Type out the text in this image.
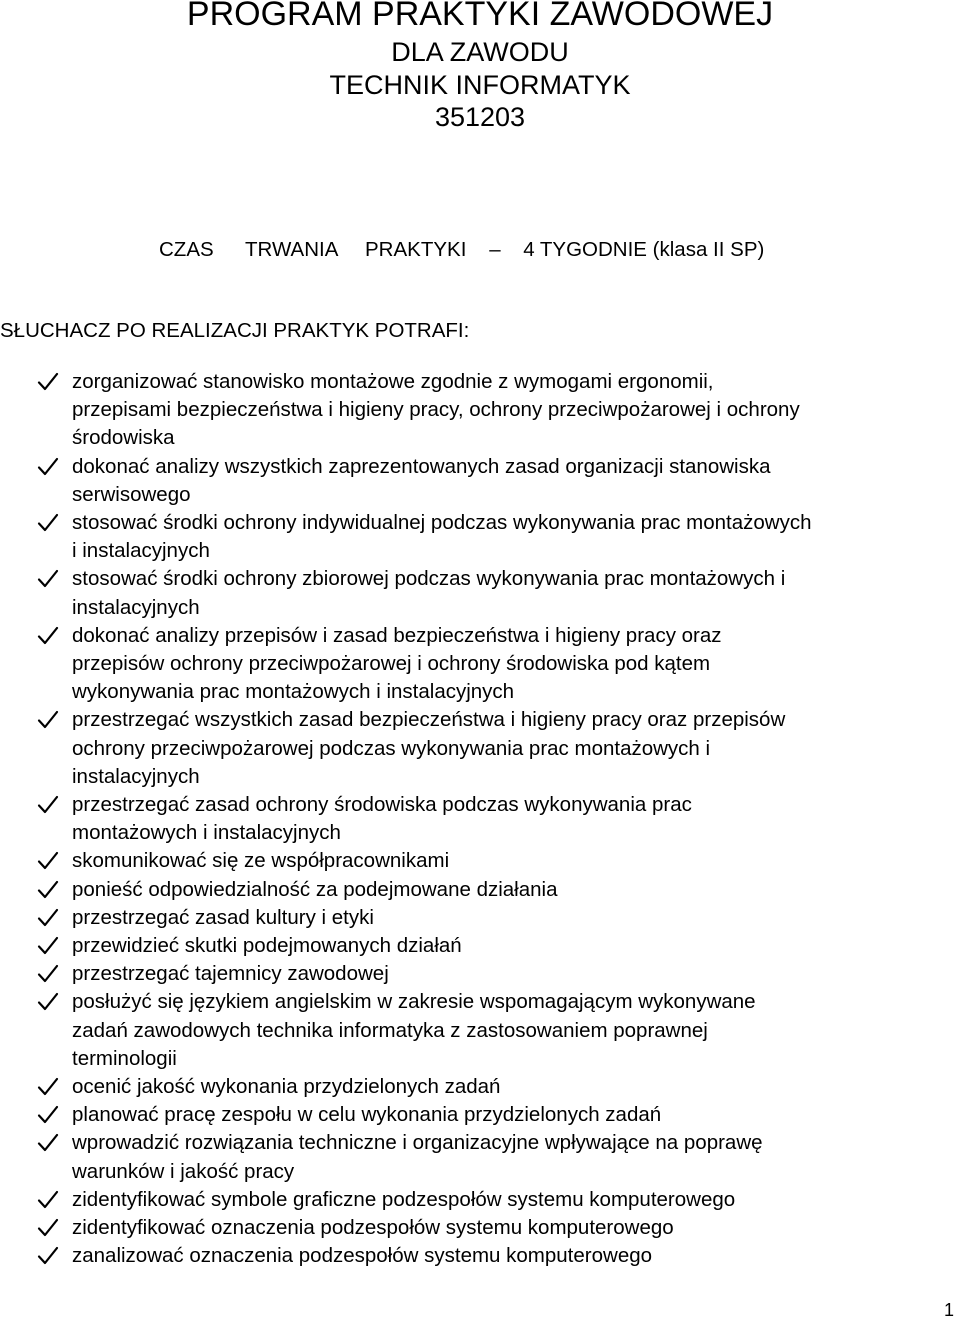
PROGRAM PRAKTYKI ZAWODOWEJ
DLA ZAWODU
TECHNIK INFORMATYK
351203
CZAS TRWANIA PRAKTYKI – 4 TYGODNIE (klasa II SP)
SŁUCHACZ PO REALIZACJI PRAKTYK POTRAFI:
zorganizować stanowisko montażowe zgodnie z wymogami ergonomii,
przepisami bezpieczeństwa i higieny pracy, ochrony przeciwpożarowej i ochrony
środowiska
dokonać analizy wszystkich zaprezentowanych zasad organizacji stanowiska
serwisowego
stosować środki ochrony indywidualnej podczas wykonywania prac montażowych
i instalacyjnych
stosować środki ochrony zbiorowej podczas wykonywania prac montażowych i
instalacyjnych
dokonać analizy przepisów i zasad bezpieczeństwa i higieny pracy oraz
przepisów ochrony przeciwpożarowej i ochrony środowiska pod kątem
wykonywania prac montażowych i instalacyjnych
przestrzegać wszystkich zasad bezpieczeństwa i higieny pracy oraz przepisów
ochrony przeciwpożarowej podczas wykonywania prac montażowych i
instalacyjnych
przestrzegać zasad ochrony środowiska podczas wykonywania prac
montażowych i instalacyjnych
skomunikować się ze współpracownikami
ponieść odpowiedzialność za podejmowane działania
przestrzegać zasad kultury i etyki
przewidzieć skutki podejmowanych działań
przestrzegać tajemnicy zawodowej
posłużyć się językiem angielskim w zakresie wspomagającym wykonywane
zadań zawodowych technika informatyka z zastosowaniem poprawnej
terminologii
ocenić jakość wykonania przydzielonych zadań
planować pracę zespołu w celu wykonania przydzielonych zadań
wprowadzić rozwiązania techniczne i organizacyjne wpływające na poprawę
warunków i jakość pracy
zidentyfikować symbole graficzne podzespołów systemu komputerowego
zidentyfikować oznaczenia podzespołów systemu komputerowego
zanalizować oznaczenia podzespołów systemu komputerowego
1
